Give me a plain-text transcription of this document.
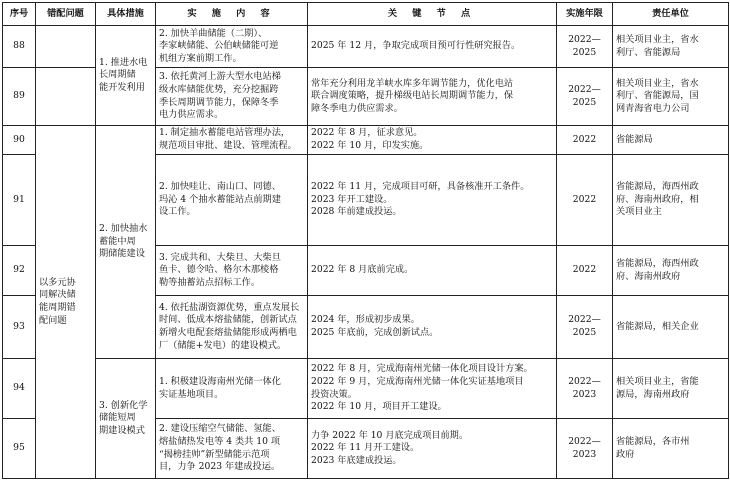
序号	错配问题	具体措施	实 施 内 容	关 键 节 点	实施年限	责任单位
88		1. 推进水电
长周期储
能开发利用	2. 加快羊曲储能（二期）、
李家峡储能、公伯峡储能可逆
机组方案前期工作。	2025 年 12 月，争取完成项目预可行性研究报告。	2022—2025	相关项目业主，省水
利厅、省能源局

89			3. 依托黄河上游大型水电站梯
级水库储能优势，充分挖掘跨
季长周期调节能力，保障冬季
电力供应需求。	常年充分利用龙羊峡水库多年调节能力，优化电站
联合调度策略，提升梯级电站长周期调节能力，保
障冬季电力供应需求。	2022—2025	相关项目业主，省水
利厅、省能源局，国
网青海省电力公司

90	以多元协
同解决储
能周期错
配问题	2. 加快抽水
蓄能中周
期储能建设	1. 制定抽水蓄能电站管理办法，
规范项目审批、建设、管理流程。	2022 年 8 月，征求意见。
2022 年 10 月，印发实施。	2022	省能源局

91			2. 加快哇让、南山口、同德、
玛沁 4 个抽水蓄能站点前期建
设工作。	2022 年 11 月，完成项目可研，具备核准开工条件。
2023 年开工建设。
2028 年前建成投运。	2022	省能源局，海西州政
府、海南州政府，相
关项目业主

92			3. 完成共和、大柴旦、大柴旦
鱼卡、德令哈、格尔木那棱格
勒等抽蓄站点招标工作。	2022 年 8 月底前完成。	2022	省能源局，海西州政
府、海南州政府

93			4. 依托盐湖资源优势，重点发展长
时间、低成本熔盐储能，创新试点
新增火电配套熔盐储能形成两栖电
厂（储能+发电）的建设模式。	2024 年，形成初步成果。
2025 年底前，完成创新试点。	2022—2025	省能源局，相关企业

94		3. 创新化学
储能短周
期建设模式	1. 积极建设海南州光储一体化
实证基地项目。	2022 年 8 月，完成海南州光储一体化项目设计方案。
2022 年 9 月，完成海南州光储一体化实证基地项目
投资决策。
2022 年 10 月，项目开工建设。	2022—2023	相关项目业主，省能
源局，海南州政府

95			2. 建设压缩空气储能、氢能、
熔盐储热发电等 4 类共 10 项
“揭榜挂帅”新型储能示范项
目，力争 2023 年建成投运。	力争 2022 年 10 月底完成项目前期。
2022 年 11 月开工建设。
2023 年底建成投运。	2022—2023	省能源局，各市州
政府
